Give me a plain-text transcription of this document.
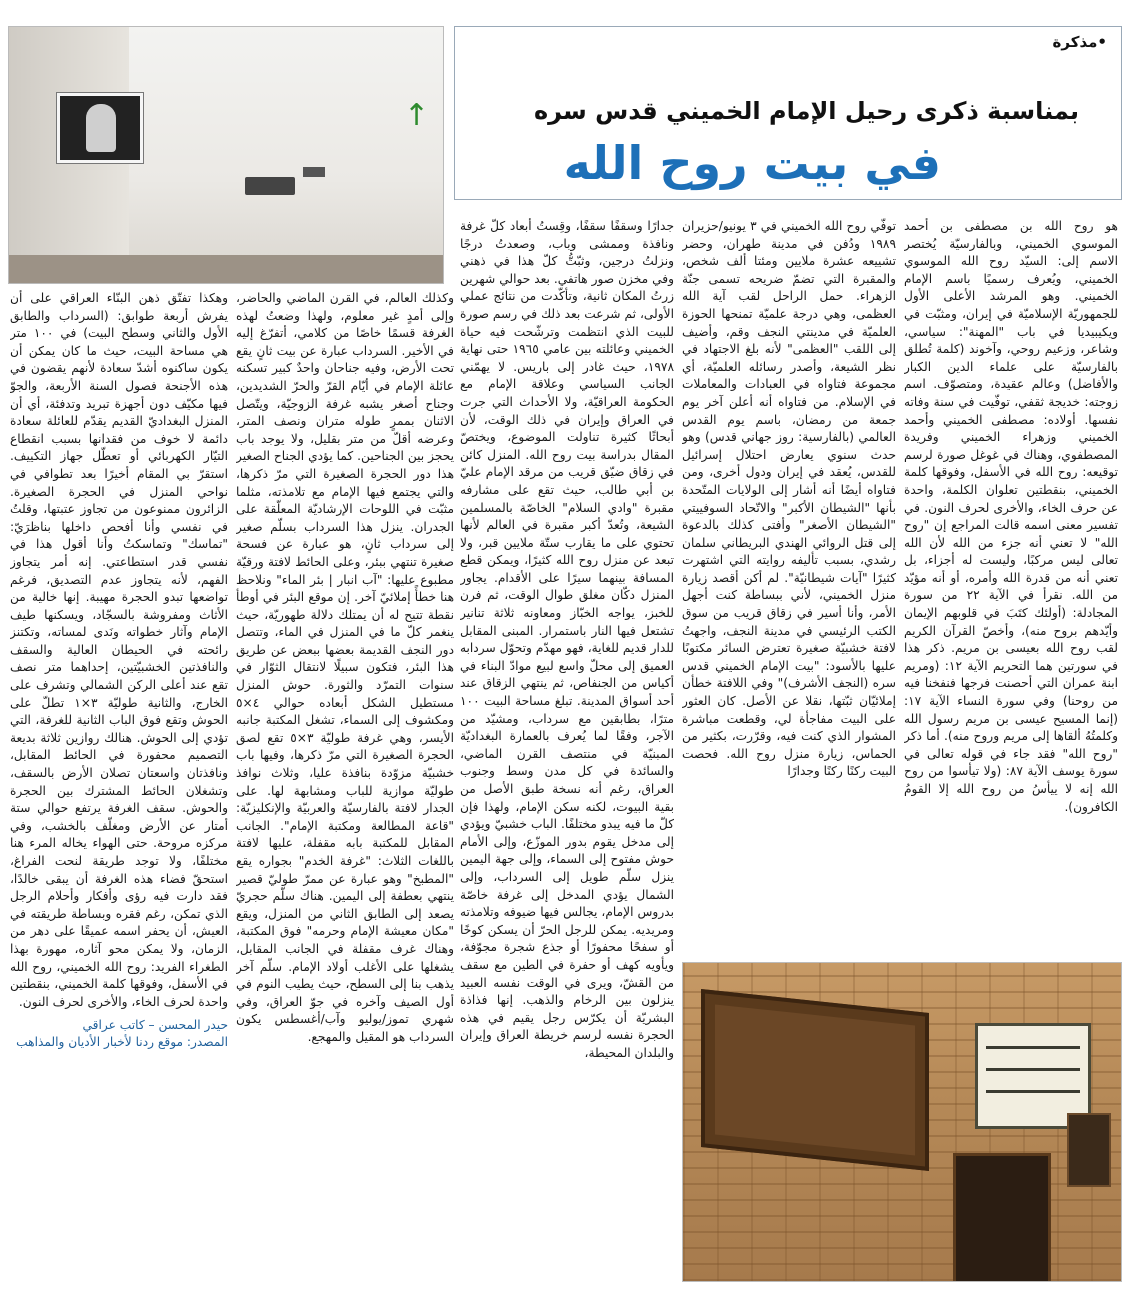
↑
•مذكرة
بمناسبة ذكرى رحيل الإمام الخميني قدس سره
في بيت روح الله

هو روح الله بن مصطفى بن أحمد الموسوي الخميني، وبالفارسيّة يُختصر الاسم إلى: السيّد روح الله الموسوي الخميني، ويُعرف رسميًا باسم الإمام الخميني. وهو المرشد الأعلى الأول للجمهوريّة الإسلاميّة في إيران، ومثبّت في ويكيبيديا في باب "المهنة": سياسي، وشاعر، وزعيم روحي، وآخوند (كلمة تُطلق بالفارسيّة على علماء الدين الكبار والأفاضل) وعالم عقيدة، ومتصوّف. اسم زوجته: خديجة ثقفي، توفّيت في سنة وفاته نفسها. أولاده: مصطفى الخميني وأحمد الخميني وزهراء الخميني وفريدة المصطفوي، وهناك في غوغل صورة لرسم توقيعه: روح الله في الأسفل، وفوقها كلمة الخميني، بنقطتين تعلوان الكلمة، واحدة عن حرف الخاء، والأخرى لحرف النون. في تفسير معنى اسمه قالت المراجع إن "روح الله" لا تعني أنه جزء من الله لأن الله تعالى ليس مركبًا، وليست له أجزاء، بل تعني أنه من قدرة الله وأمره، أو أنه مؤيّد من الله. نقرأ في الآية ٢٢ من سورة المجادلة: (أولئك كتَبَ في قلوبهم الإيمان وأيّدهم بروح منه)، وأخصّ القرآن الكريم لقب روح الله بعيسى بن مريم. ذكر هذا في سورتين هما التحريم الآية ١٢: (ومريم ابنة عمران التي أحصنت فرجها فنفخنا فيه من روحنا) وفي سورة النساء الآية ١٧: (إنما المسيح عيسى بن مريم رسول الله وكلمتُهُ ألقاها إلى مريم وروح منه). أما ذكر "روح الله" فقد جاء في قوله تعالى في سورة يوسف الآية ٨٧: (ولا تيأسوا من روح الله إنه لا ييأسُ من روح الله إلا القومُ الكافرون).

توفّي روح الله الخميني في ٣ يونيو/حزيران ١٩٨٩ ودُفن في مدينة طهران، وحضر تشييعه عشرة ملايين ومئتا ألف شخص، والمقبرة التي تضمّ ضريحه تسمى جنّة الزهراء. حمل الراحل لقب آية الله العظمى، وهي درجة علميّة تمنحها الحوزة العلميّة في مدينتي النجف وقم، وأضيف إلى اللقب "العظمى" لأنه بلغ الاجتهاد في نظر الشيعة، وأصدر رسائله العلميّة، أي مجموعة فتاواه في العبادات والمعاملات في الإسلام. من فتاواه أنه أعلن آخر يوم جمعة من رمضان، باسم يوم القدس العالمي (بالفارسية: روز جهاني قدس) وهو حدث سنوي يعارض احتلال إسرائيل للقدس، يُعقد في إيران ودول أخرى، ومن فتاواه أيضًا أنه أشار إلى الولايات المتّحدة بأنها "الشيطان الأكبر" والاتّحاد السوفييتي "الشيطان الأصغر" وأفتى كذلك بالدعوة إلى قتل الروائي الهندي البريطاني سلمان رشدي، بسبب تأليفه روايته التي اشتهرت كثيرًا "آيات شيطانيّة". لم أكن أقصد زيارة منزل الخميني، لأني ببساطة كنت أجهل الأمر، وأنا أسير في زقاق قريب من سوق الكتب الرئيسي في مدينة النجف، واجهتُ لافتة خشبيّة صغيرة تعترض السائر مكتوبًا عليها بالأسود: "بيت الإمام الخميني قدس سره (النجف الأشرف)" وفي اللافتة خطأن إملائيّان ثبّتها، نقلا عن الأصل. كان العثور على البيت مفاجأة لي، وقطعت مباشرة المشوار الذي كنت فيه، وقرّرت، بكثير من الحماس، زيارة منزل روح الله. فحصت البيت ركنًا ركنًا وجدارًا

جدارًا وسقفًا سقفًا، وقِستُ أبعاد كلّ غرفة ونافذة وممشى وباب، وصعدتُ درجًا ونزلتُ درجين، وثبّتُّ كلّ هذا في ذهني وفي مخزن صور هاتفي. بعد حوالي شهرين زرتُ المكان ثانية، وتأكّدت من نتائج عملي الأولى، ثم شرعت بعد ذلك في رسم صورة للبيت الذي انتظمت وترشّحت فيه حياة الخميني وعائلته بين عامي ١٩٦٥ حتى نهاية ١٩٧٨، حيث غادر إلى باريس. لا يهمّني الجانب السياسي وعلاقة الإمام مع الحكومة العراقيّة، ولا الأحداث التي جرت في العراق وإيران في ذلك الوقت، لأن أبحاثًا كثيرة تناولت الموضوع، ويختصّ المقال بدراسة بيت روح الله. المنزل كائن في زقاق ضيّق قريب من مرقد الإمام عليّ بن أبي طالب، حيث تقع على مشارفه مقبرة "وادي السلام" الخاصّة بالمسلمين الشيعة، وتُعدّ أكبر مقبرة في العالم لأنها تحتوي على ما يقارب ستّة ملايين قبر، ولا تبعد عن منزل روح الله كثيرًا، ويمكن قطع المسافة بينهما سيرًا على الأقدام. يجاور المنزل دكّان مغلق طوال الوقت، ثم فرن للخبز، يواجه الخبّاز ومعاونه ثلاثة تنانير تشتعل فيها النار باستمرار. المبنى المقابل للدار قديم للغاية، فهو مهدّم وتحوّل سردابه العميق إلى محلّ واسع لبيع موادّ البناء في أكياس من الجنفاص، ثم ينتهي الزقاق عند أحد أسواق المدينة. تبلغ مساحة البيت ١٠٠ مترًا، بطابقين مع سرداب، ومشيّد من الآجر، وفقًا لما يُعرف بالعمارة البغداديّة المبنيّة في منتصف القرن الماضي، والسائدة في كل مدن وسط وجنوب العراق، رغم أنه نسخة طبق الأصل من بقية البيوت، لكنه سكن الإمام، ولهذا فإن كلّ ما فيه يبدو مختلفًا. الباب خشبيّ ويؤدي إلى مدخل يقوم بدور الموزّع، وإلى الأمام حوش مفتوح إلى السماء، وإلى جهة اليمين ينزل سلّم طويل إلى السرداب، وإلى الشمال يؤدي المدخل إلى غرفة خاصّة بدروس الإمام، يجالس فيها ضيوفه وتلامذته ومريديه. يمكن للرجل الحرّ أن يسكن كوخًا أو سفحًا محفورًا أو جذع شجرة مجوّفة، ويأويه كهف أو حفرة في الطين مع سقف من القشّ، ويرى في الوقت نفسه العبيد ينزلون بين الرخام والذهب. إنها فذاذة البشريّة أن يكرّس رجل يقيم في هذه الحجرة نفسه لرسم خريطة العراق وإيران والبلدان المحيطة،

وكذلك العالم، في القرن الماضي والحاضر، وإلى أمدٍ غير معلوم، ولهذا وضعتُ لهذه الغرفة قسمًا خاصًا من كلامي، أتفرّغ إليه في الأخير. السرداب عبارة عن بيت ثانٍ يقع تحت الأرض، وفيه جناحان واحدٌ كبير تسكنه عائلة الإمام في أيّام القرّ والحرّ الشديدين، وجناح أصغر يشبه غرفة الزوجيّة، ويتّصل الاثنان بممرٍ طوله متران ونصف المتر، وعرضه أقلّ من متر بقليل، ولا يوجد باب يحجز بين الجناحين. كما يؤدي الجناح الصغير هذا دور الحجرة الصغيرة التي مرّ ذكرها، والتي يجتمع فيها الإمام مع تلامذته، مثلما مثبّت في اللوحات الإرشاديّة المعلّقة على الجدران. ينزل هذا السرداب بسلّم صغير إلى سرداب ثانٍ، هو عبارة عن فسحة صغيرة تنتهي ببئر، وعلى الحائط لافتة ورقيّة مطبوع عليها: "آب انبار | بئر الماء" ونلاحظ هنا خطأً إملائيّ آخر. إن موقع البئر في أوطأ نقطة تتيح له أن يمتلك دلالة طهوريّة، حيث ينغمر كلّ ما في المنزل في الماء، وتتصل دور النجف القديمة بعضها ببعض عن طريق هذا البئر، فتكون سبيلًا لانتقال الثوّار في سنوات التمرّد والثورة. حوش المنزل مستطيل الشكل أبعاده حوالي ٤×٥ ومكشوف إلى السماء، تشغل المكتبة جانبه الأيسر، وهي غرفة طوليّة ٣×٥ تقع لصق الحجرة الصغيرة التي مرّ ذكرها، وفيها باب خشبيّة مزوّدة بنافذة عليا، وثلاث نوافذ طوليّة موازية للباب ومشابهة لها. على الجدار لافتة بالفارسيّة والعربيّة والإنكليزيّة: "قاعة المطالعة ومكتبة الإمام". الجانب المقابل للمكتبة بابه مقفلة، عليها لافتة باللغات الثلاث: "غرفة الخدم" بجواره يقع "المطبخ" وهو عبارة عن ممرّ طوليّ قصير ينتهي بعطفة إلى اليمين. هناك سلّم حجريّ يصعد إلى الطابق الثاني من المنزل، ويقع "مكان معيشة الإمام وحرمه" فوق المكتبة، وهناك غرف مقفلة في الجانب المقابل، يشغلها على الأغلب أولاد الإمام. سلّم آخر يذهب بنا إلى السطح، حيث يطيب النوم في أول الصيف وآخره في جوّ العراق، وفي شهري تموز/يوليو وآب/أغسطس يكون السرداب هو المقيل والمهجع.

وهكذا تفتّق ذهن البنّاء العراقي على أن يفرش أربعة طوابق: (السرداب والطابق الأول والثاني وسطح البيت) في ١٠٠ متر هي مساحة البيت، حيث ما كان يمكن أن يكون ساكنوه أشدّ سعادة لأنهم يقضون في هذه الأجنحة فصول السنة الأربعة، والجوّ فيها مكيّف دون أجهزة تبريد وتدفئة، أي أن المنزل البغداديّ القديم يقدّم للعائلة سعادة دائمة لا خوف من فقدانها بسبب انقطاع التيّار الكهربائي أو تعطّل جهاز التكييف. استقرّ بي المقام أخيرًا بعد تطوافي في نواحي المنزل في الحجرة الصغيرة. الزائرون ممنوعون من تجاوز عتبتها، وقلتُ في نفسي وأنا أفحص داخلها بناظرَيّ: "تماسك" وتماسكتُ وأنا أقول هذا في نفسي قدر استطاعتي. إنه أمر يتجاوز الفهم، لأنه يتجاوز عدم التصديق، فرغم تواضعها تبدو الحجرة مهيبة. إنها خالية من الأثاث ومفروشة بالسجّاد، ويسكنها طيف الإمام وآثار خطواته ونَدى لمساته، وتكتنز رائحته في الحيطان العالية والسقف والنافذتين الخشبيّتين، إحداهما متر نصف تقع عند أعلى الركن الشمالي وتشرف على الخارج، والثانية طوليّة ٣×١ تطلّ على الحوش وتقع فوق الباب الثانية للغرفة، التي تؤدي إلى الحوش. هنالك روازين ثلاثة بديعة التصميم محفورة في الحائط المقابل، ونافذتان واسعتان تصلان الأرض بالسقف، وتشغلان الحائط المشترك بين الحجرة والحوش. سقف الغرفة يرتفع حوالي ستة أمتار عن الأرض ومغلّف بالخشب، وفي مركزه مروحة. حتى الهواء يخاله المرء هنا مختلفًا، ولا توجد طريقة لنحت الفراغ، استحقّ فضاء هذه الغرفة أن يبقى خالدًا، فقد دارت فيه رؤى وأفكار وأحلام الرجل الذي تمكن، رغم فقره وبساطة طريقته في العيش، أن يحفر اسمه عميقًا على دهر من الزمان، ولا يمكن محو آثاره، مهورة بهذا الطغراء الفريد: روح الله الخميني، روح الله في الأسفل، وفوقها كلمة الخميني، بنقطتين واحدة لحرف الخاء، والأخرى لحرف النون.

حيدر المحسن – كاتب عراقي
المصدر: موقع ردنا لأخبار الأديان والمذاهب
